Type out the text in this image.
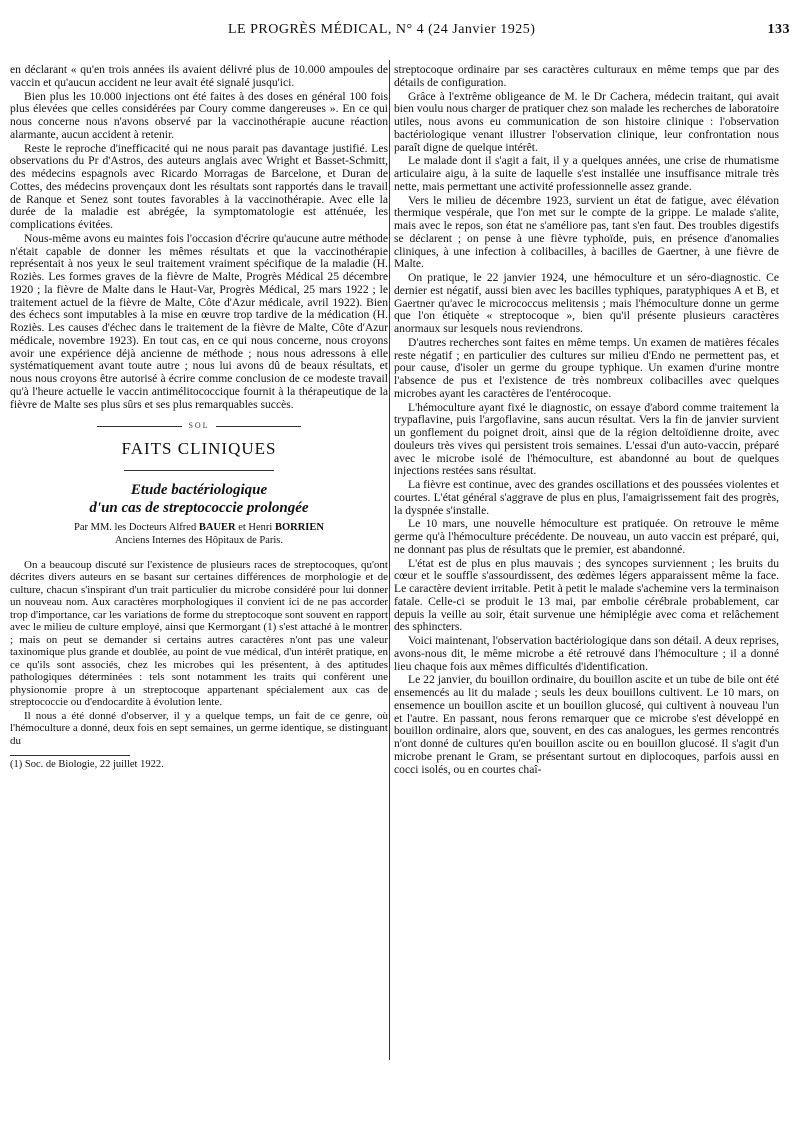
LE PROGRÈS MÉDICAL, N° 4 (24 Janvier 1925)	133

en déclarant « qu'en trois années ils avaient délivré plus de 10.000 ampoules de vaccin et qu'aucun accident ne leur avait été signalé jusqu'ici.

Bien plus les 10.000 injections ont été faites à des doses en général 100 fois plus élevées que celles considérées par Coury comme dangereuses ». En ce qui nous concerne nous n'avons observé par la vaccinothérapie aucune réaction alarmante, aucun accident à retenir.

Reste le reproche d'inefficacité qui ne nous parait pas davantage justifié. Les observations du Pr d'Astros, des auteurs anglais avec Wright et Basset-Schmitt, des médecins espagnols avec Ricardo Morragas de Barcelone, et Duran de Cottes, des médecins provençaux dont les résultats sont rapportés dans le travail de Ranque et Senez sont toutes favorables à la vaccinothérapie. Avec elle la durée de la maladie est abrégée, la symptomatologie est atténuée, les complications évitées.

Nous-même avons eu maintes fois l'occasion d'écrire qu'aucune autre méthode n'était capable de donner les mêmes résultats et que la vaccinothérapie représentait à nos yeux le seul traitement vraiment spécifique de la maladie (H. Roziès. Les formes graves de la fièvre de Malte, Progrès Médical 25 décembre 1920 ; la fièvre de Malte dans le Haut-Var, Progrès Médical, 25 mars 1922 ; le traitement actuel de la fièvre de Malte, Côte d'Azur médicale, avril 1922). Bien des échecs sont imputables à la mise en œuvre trop tardive de la médication (H. Roziès. Les causes d'échec dans le traitement de la fièvre de Malte, Côte d'Azur médicale, novembre 1923). En tout cas, en ce qui nous concerne, nous croyons avoir une expérience déjà ancienne de méthode ; nous nous adressons à elle systématiquement avant toute autre ; nous lui avons dû de beaux résultats, et nous nous croyons être autorisé à écrire comme conclusion de ce modeste travail qu'à l'heure actuelle le vaccin antimélitococcique fournit à la thérapeutique de la fièvre de Malte ses plus sûrs et ses plus remarquables succès.

SOL
FAITS CLINIQUES
Etude bactériologique
d'un cas de streptococcie prolongée
Par MM. les Docteurs Alfred BAUER et Henri BORRIEN
Anciens Internes des Hôpitaux de Paris.

On a beaucoup discuté sur l'existence de plusieurs races de streptocoques, qu'ont décrites divers auteurs en se basant sur certaines différences de morphologie et de culture, chacun s'inspirant d'un trait particulier du microbe considéré pour lui donner un nouveau nom. Aux caractères morphologiques il convient ici de ne pas accorder trop d'importance, car les variations de forme du streptocoque sont souvent en rapport avec le milieu de culture employé, ainsi que Kermorgant (1) s'est attaché à le montrer ; mais on peut se demander si certains autres caractères n'ont pas une valeur taxinomique plus grande et doublée, au point de vue médical, d'un intérêt pratique, en ce qu'ils sont associés, chez les microbes qui les présentent, à des aptitudes pathologiques déterminées : tels sont notamment les traits qui confèrent une physionomie propre à un streptocoque appartenant spécialement aux cas de streptococcie ou d'endocardite à évolution lente.

Il nous a été donné d'observer, il y a quelque temps, un fait de ce genre, où l'hémoculture a donné, deux fois en sept semaines, un germe identique, se distinguant du

(1) Soc. de Biologie, 22 juillet 1922.

streptocoque ordinaire par ses caractères culturaux en même temps que par des détails de configuration.

Grâce à l'extrême obligeance de M. le Dr Cachera, médecin traitant, qui avait bien voulu nous charger de pratiquer chez son malade les recherches de laboratoire utiles, nous avons eu communication de son histoire clinique : l'observation bactériologique venant illustrer l'observation clinique, leur confrontation nous paraît digne de quelque intérêt.

Le malade dont il s'agit a fait, il y a quelques années, une crise de rhumatisme articulaire aigu, à la suite de laquelle s'est installée une insuffisance mitrale très nette, mais permettant une activité professionnelle assez grande.

Vers le milieu de décembre 1923, survient un état de fatigue, avec élévation thermique vespérale, que l'on met sur le compte de la grippe. Le malade s'alite, mais avec le repos, son état ne s'améliore pas, tant s'en faut. Des troubles digestifs se déclarent ; on pense à une fièvre typhoïde, puis, en présence d'anomalies cliniques, à une infection à colibacilles, à bacilles de Gaertner, à une fièvre de Malte.

On pratique, le 22 janvier 1924, une hémoculture et un séro-diagnostic. Ce dernier est négatif, aussi bien avec les bacilles typhiques, paratyphiques A et B, et Gaertner qu'avec le micrococcus melitensis ; mais l'hémoculture donne un germe que l'on étiquète « streptocoque », bien qu'il présente plusieurs caractères anormaux sur lesquels nous reviendrons.

D'autres recherches sont faites en même temps. Un examen de matières fécales reste négatif ; en particulier des cultures sur milieu d'Endo ne permettent pas, et pour cause, d'isoler un germe du groupe typhique. Un examen d'urine montre l'absence de pus et l'existence de très nombreux colibacilles avec quelques microbes ayant les caractères de l'entérocoque.

L'hémoculture ayant fixé le diagnostic, on essaye d'abord comme traitement la trypaflavine, puis l'argoflavine, sans aucun résultat. Vers la fin de janvier survient un gonflement du poignet droit, ainsi que de la région deltoïdienne droite, avec douleurs très vives qui persistent trois semaines. L'essai d'un auto-vaccin, préparé avec le microbe isolé de l'hémoculture, est abandonné au bout de quelques injections restées sans résultat.

La fièvre est continue, avec des grandes oscillations et des poussées violentes et courtes. L'état général s'aggrave de plus en plus, l'amaigrissement fait des progrès, la dyspnée s'installe.

Le 10 mars, une nouvelle hémoculture est pratiquée. On retrouve le même germe qu'à l'hémoculture précédente. De nouveau, un auto vaccin est préparé, qui, ne donnant pas plus de résultats que le premier, est abandonné.

L'état est de plus en plus mauvais ; des syncopes surviennent ; les bruits du cœur et le souffle s'assourdissent, des œdèmes légers apparaissent même la face. Le caractère devient irritable. Petit à petit le malade s'achemine vers la terminaison fatale. Celle-ci se produit le 13 mai, par embolie cérébrale probablement, car depuis la veille au soir, était survenue une hémiplégie avec coma et relâchement des sphincters.

Voici maintenant, l'observation bactériologique dans son détail. A deux reprises, avons-nous dit, le même microbe a été retrouvé dans l'hémoculture ; il a donné lieu chaque fois aux mêmes difficultés d'identification.

Le 22 janvier, du bouillon ordinaire, du bouillon ascite et un tube de bile ont été ensemencés au lit du malade ; seuls les deux bouillons cultivent. Le 10 mars, on ensemence un bouillon ascite et un bouillon glucosé, qui cultivent à nouveau l'un et l'autre. En passant, nous ferons remarquer que ce microbe s'est développé en bouillon ordinaire, alors que, souvent, en des cas analogues, les germes rencontrés n'ont donné de cultures qu'en bouillon ascite ou en bouillon glucosé. Il s'agit d'un microbe prenant le Gram, se présentant surtout en diplocoques, parfois aussi en cocci isolés, ou en courtes chaî-
